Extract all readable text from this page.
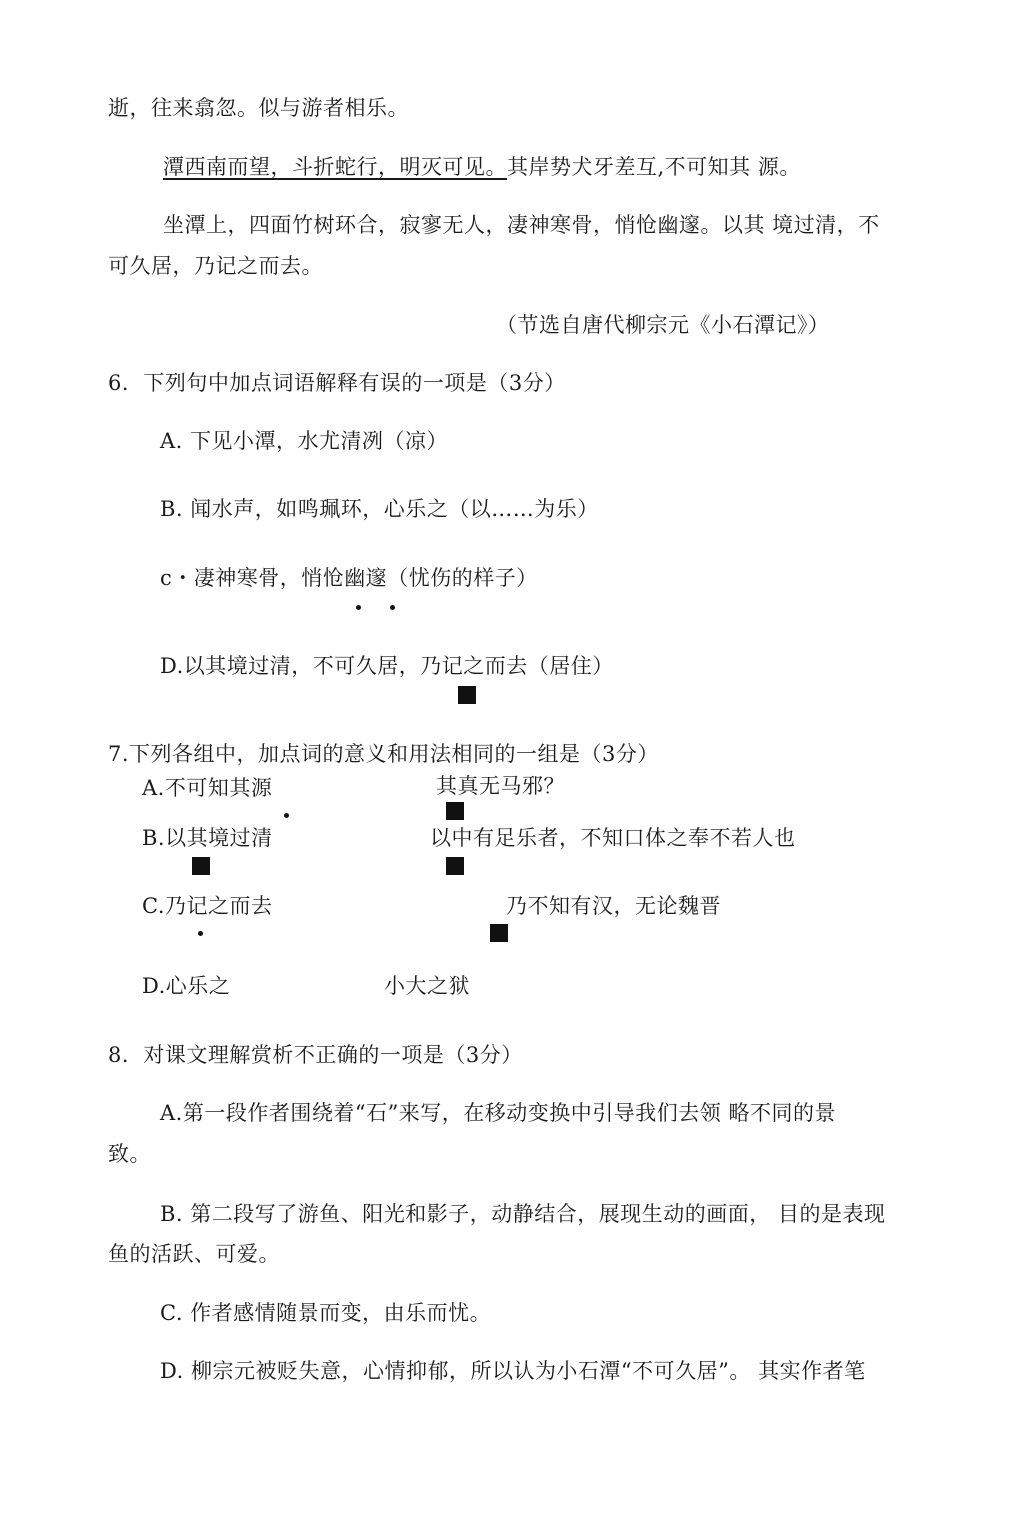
逝，往来翕忽。似与游者相乐。
潭西南而望，斗折蛇行，明灭可见。其岸势犬牙差互,不可知其 源。
坐潭上，四面竹树环合，寂寥无人，凄神寒骨，悄怆幽邃。以其 境过清，不
可久居，乃记之而去。
（节选自唐代柳宗元《小石潭记》）
6．下列句中加点词语解释有误的一项是（3分）
A. 下见小潭，水尤清冽（凉）
B. 闻水声，如鸣珮环，心乐之（以……为乐）
c・凄神寒骨，悄怆幽邃（忧伤的样子）
D.以其境过清，不可久居，乃记之而去（居住）
7.下列各组中，加点词的意义和用法相同的一组是（3分）
A.不可知其源	其真无马邪？
B.以其境过清	以中有足乐者，不知口体之奉不若人也
C.乃记之而去	乃不知有汉，无论魏晋
D.心乐之	小大之狱
8．对课文理解赏析不正确的一项是（3分）
A.第一段作者围绕着“石”来写，在移动变换中引导我们去领 略不同的景
致。
B. 第二段写了游鱼、阳光和影子，动静结合，展现生动的画面， 目的是表现
鱼的活跃、可爱。
C. 作者感情随景而变，由乐而忧。
D. 柳宗元被贬失意，心情抑郁，所以认为小石潭“不可久居”。 其实作者笔
